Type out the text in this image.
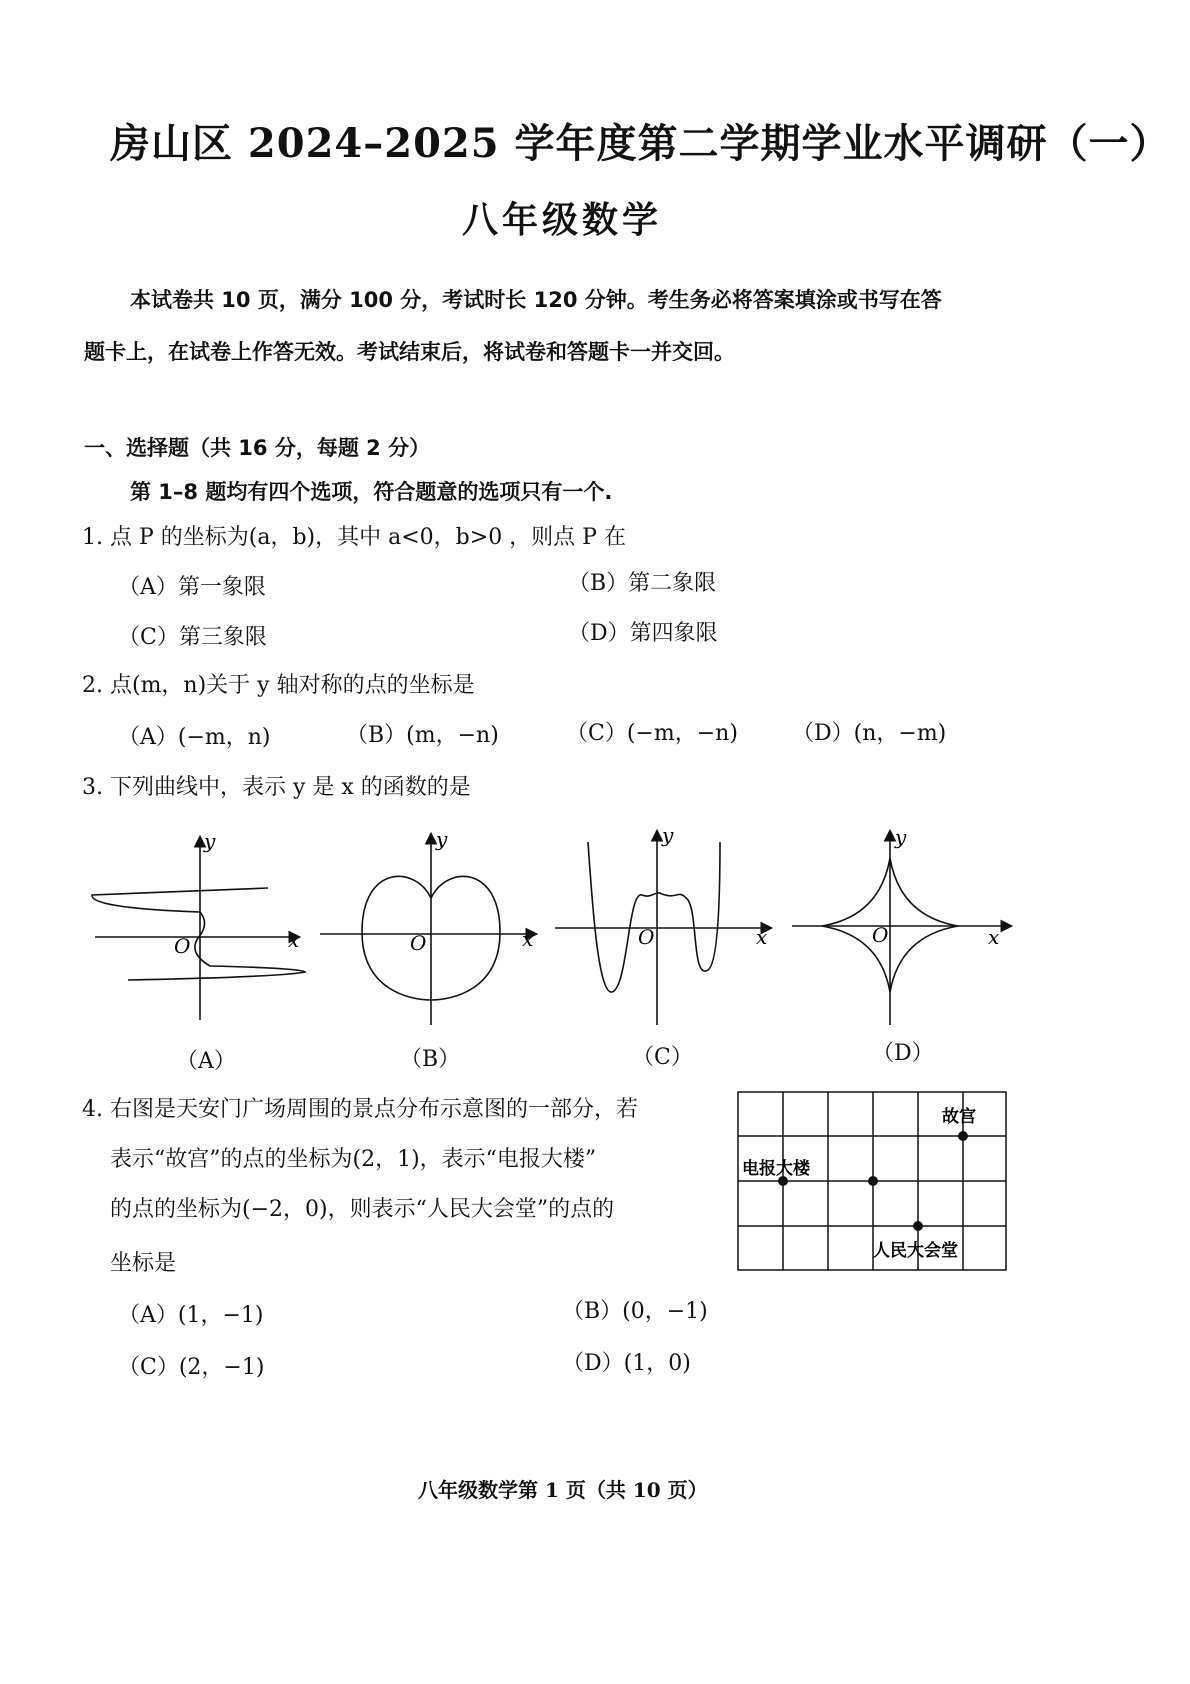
房山区 2024–2025 学年度第二学期学业水平调研（一）
八年级数学
本试卷共 10 页，满分 100 分，考试时长 120 分钟。考生务必将答案填涂或书写在答
题卡上，在试卷上作答无效。考试结束后，将试卷和答题卡一并交回。
一、选择题（共 16 分，每题 2 分）
第 1–8 题均有四个选项，符合题意的选项只有一个.
1. 点 P 的坐标为(a，b)，其中 a<0，b>0 ，则点 P 在
（A）第一象限	（B）第二象限
（C）第三象限	（D）第四象限
2. 点(m，n)关于 y 轴对称的点的坐标是
（A）(−m，n)	（B）(m，−n)	（C）(−m，−n) （D）(n，−m)
3. 下列曲线中，表示 y 是 x 的函数的是
y
x
O
y
x
O
y
x
O
y
x
O
（A）	（B）	（C）	（D）
4. 右图是天安门广场周围的景点分布示意图的一部分，若
表示“故宫”的点的坐标为(2，1)，表示“电报大楼”
的点的坐标为(−2，0)，则表示“人民大会堂”的点的
坐标是
故宫
电报大楼
人民大会堂
（A）(1，−1)	（B）(0，−1)
（C）(2，−1)	（D）(1，0)
八年级数学第 1 页（共 10 页）
